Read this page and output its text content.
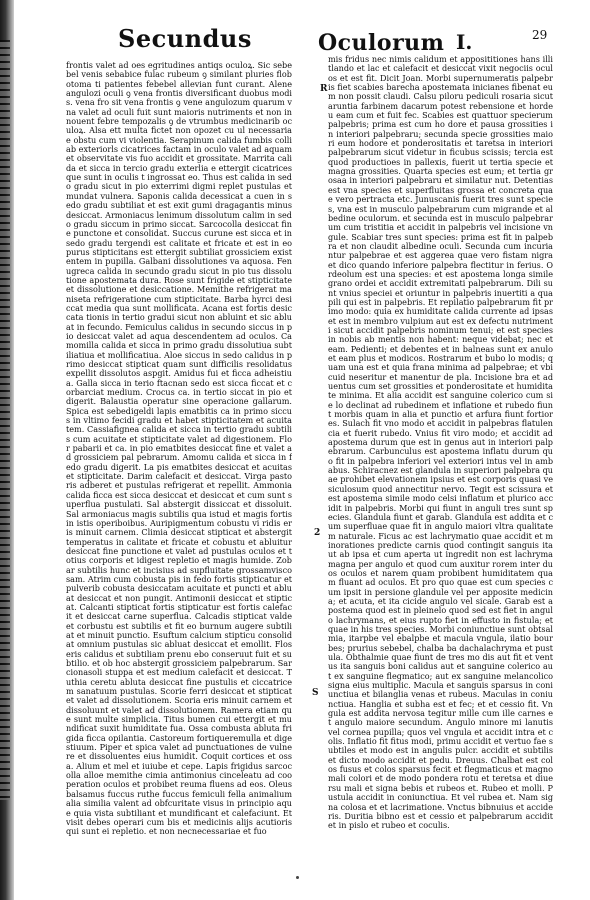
Secundus	Oculorum I.	29
frontis valet ad oes egritudines antiqs oculoꝝ. Sic sebebel venis sebabice fulac rubeum ꝯ similant pluries flobotoma ti patientes febebel allevian funt curant. Alene angulozi oculi ꝯ vena frontis diversificant duobus modis. vena fro sit vena frontis ꝯ vene angulozum quarum vna valet ad oculi fuit sunt maioris nutriments et non innouent febre tempozalis ꝯ de vtrumbus medicinarib oculoꝝ. Alsa ett multa fictet non opozet cu ul necessaria e obstu cum vi violentia. Serapinum calida fumbis colli ab exteriorls cicatrices factam in oculo valet ad aquam et observitate vis fuo accidit et grossitate. Marrita calida et sicca in tercio gradu exterlia e ettergit cicatrices que sunt in oculis t ingrossat eo. Thus est calida in sedo gradu sicut in pio exterrimi digmi replet pustulas et mundat vulnera. Saponis calida decessicat a cuen in sedo gradu subtiliat et est exit gumi dragagantis minus desiccat. Armoniacus lenimum dissolutum calim in sedo gradu siccum in primo siccat. Sarcocolla desiccat fine punctone et consolidat. Succus curune est sicca et in sedo gradu tergendi est calitate et fricate et est in eo purus stipticitans est ettergit subtiliat grossiciem existentem in pupilla. Galbani dissolutiones va aquosa. Fenugreca calida in secundo gradu sicut in pio tus dissolutione apostemata dura. Rose sunt frigide et stipticitate et dissolutione et desiccatione. Memithe refrigerat ma niseta refrigeratione cum stipticitate. Barba hyrci desiccat media qua sunt mollificata. Acana est fortis desiccata tionis in tertio gradui sicut non abluint et sic abluat in fecundo. Femiculus calidus in secundo siccus in pio desiccat valet ad aqua descendentem ad oculos. Camomilla calida et sicca in primo gradu dissolutiua subtiliatiua et mollificatiua. Aloe siccus in sedo calidus in primo desiccat stipticat quam sunt difficilis resolidatus expellit dissolutos aspgit. Amidus fui et ficca adheistiua. Galla sicca in terio ftacnan sedo est sicca ficcat et corbarciat medium. Crocus ca. in tertio siccat in pio et digerit. Balaustia operatur sine operacione gallarum. Spica est sebedigeldi lapis ematbitis ca in primo siccus in vltimo fecidi gradu et habet stipticitatem et acuitatem. Cassiafignea calida et sicca in tertio gradu subtilis cum acuitate et stipticitate valet ad digestionem. Flor pabarii et ca. in pio ematbites desiccat fine et valet ad grossiciem pal pebrarum. Amomu calida et sicca in fedo gradu digerit. La pis ematbites desiccat et acuitas et stipticitate. Darim calefacit et desiccat. Virga pastoris adberet et pustulas refrigerat et repellit. Ammonia calida ficca est sicca desiccat et desiccat et cum sunt superflua pustulati. Sal abstergit dissiccat et dissoluit. Sal armoniacus magis subtilis qua istud et magis fortis in istis operiboibus. Auripigmentum cobustu vi ridis eris minuit carnem. Climia desiccat stipticat et abstergit temperatus in calitate et fricate et cobustu et abluitur desiccat fine punctione et valet ad pustulas oculos et totius corporis et idigest repletio et magis humide. Zobar subtilis hunc et incisius ad supfluitate grossamviscosam. Atrim cum cobusta pis in fedo fortis stipticatur et pulverib cobusta desiccatam acuitate et puncti et abluat desiccat et non pungit. Antimonii desiccat et stipticat. Calcanti stipticat fortis stipticatur est fortis calefacit et desiccat carne superflua. Calcadis stipticat valde et corbustu est subtilis et fit eo burnum augere subtiliat et minuit punctio. Esuftum calcium stipticu consolidat omnium pustulas sic abluat desiccat et emollit. Flos eris calidus et subtiliam prenu ebo conseruut fuit et subtilio. et ob hoc abstergit grossiciem palpebrarum. Sarcionasoli stuppa et est medium calefacit et desiccat. Tuthia ceretu abluta desiccat fine pustulis et ciccatricem sanatuum pustulas. Scorie ferri desiccat et stipticat et valet ad dissolutionem. Scoria eris minuit carnem et dissoluunt et valet ad dissolutionem. Ramera etiam que sunt multe simplicia. Titus bumen cui ettergit et mundificat suxit humiditate fua. Ossa combusta abluta frigida ficca opilantia. Castoreum fortiqueremulla et digestiuum. Piper et spica valet ad punctuationes de vulnere et dissoluentes eius humidit. Coquit cortices et ossa. Alium et mel et iuiube et cepe. Lapis frigidus sarcocolla alloe memithe cimia antimonius cinceleatu ad cooperation oculos et probibet reuma fluens ad eos. Oleus balsamus fuccus ruthe fuccus femiculi fella animalium alia similia valent ad obfcuritate visus in principio aque quia vista subtiliant et mundificant et calefaciunt. Et visit debes operari cum bis et medicinis alijs acutioris qui sunt ei repletio. et non necnecessariae et fuo
mis fridus nec nimis calidum et apposititiones hans illitlando et lac et calefacit et desiccat vixit negociis oculos et est fit. Dicit Joan. Morbi supernumeratis palpebris fiet scabies barecha apostemata inicianes fibenat eum non possit claudi. Calsu piloru pediculi rosaria sicut aruntia farbinem dacarum potest rebensione et hordeu eam cum et fuit fec. Scabies est quattuor specierum palpebris; prima est cum ho dore et pausa grossities in interiori palpebraru; secunda specie grossities maiori eum hodore et ponderositatis et taretsa in interiori palpebrarum sicut videtur in ficubus scissis; tercia est quod productioes in pallexis, fuerit ut tertia specie et magna grossities. Quarta species est eum; et tertia grosaa in interiori palpebraru et similatur nut. Detentias est vna species et superfluitas grossa et concreta quae vero pertracta etc. Junuscanis fuerit tres sunt species, vna est in musculo palpebrarum cum migrande et albedine oculorum. et secunda est in musculo palpebrarum cum tristitia et accidit in palpebris vel incisione vngule. Scabiar tres sunt species: prima est fit in palpebra et non claudit albedine oculi. Secunda cum incuriantur palpebrae et est aggerea quae vero fistam nigra et dico quando inferiore palpebra flectitur in ferius. Ordeolum est una species: et est apostema longa simile grano ordei et accidit extremitati palpebrarum. Dili sunt vnius speciei et oriuntur in palpebris inuertiti a qua pili qui est in palpebris. Et repilatio palpebrarum fit primo modo: quia ex humiditate calida currente ad ipsas et est in membro vulpium aut est ex defectu nutrimenti sicut accidit palpebris nominum tenui; et est species in nobis ab mentis non habent: neque videbat; nec et eam. Pedienti; et debentes et in balneas sunt ex anulo et eam plus et modicos. Rostrarum et bubo lo modis; quam una est et quia frana minima ad palpebrae; et vbi cuid neseritur et manentur de pla. Incisione bra et aduentus cum set grossities et ponderositate et humiditate minima. Et alia accidit est sanguine colerico cum sie lo declinat ad rubedinem et inflatione et rubedo fiunt morbis quam in alia et punctio et arfura fiunt fortiores. Sulach fit vno modo et accidit in palpebras flatulencia et fuerit rubedo. Vnius fit viro modo; et accidit ad apostema durum que est in genus aut in interiori palpebrarum. Carbunculus est apostema inflatu durum quo fit in palpebra inferiori vel exteriori intus vel in ambabus. Schiracnez est glandula in superiori palpebra quae prohibet elevationem ipsius et est corporis quasi vesiculosum quod annectitur nervo. Tegit est scissura et est apostema simile modo celsi inflatum et plurico accidit in palpebris. Morbi qui fiunt in anguli tres sunt species. Glandula fiunt et garab. Glandula est addita et cum superfluae quae fit in angulo maiori vltra qualitatem naturale. Ficus ac est lachrymatio quae accidit et minorationes predicte carnis quod contingit sanguis ita ut ab ipsa et cum aperta ut ingredit non est lachryma magna per angulo et quod cum auxitur rorem inter duos oculos et narem quam probibent humiditatem quam fluant ad oculos. Et pro quo quae est cum species cum ipsit in persione glandule vel per apposite medicina; et acuta, et ita cicide angulo vel sicale. Garab est apostema quod est in pleinelo quod sed est fiet in angulo lachrymans, et eius rupto fiet in effusto in fistula; et quae in his tres species. Morbi coniunctiue sunt obtsalmia, itarpbe vel ebalpbe et macula vngula, ilatio bourbes; prurius sebebel, chalba ba dachalachryma et pustula. Obthalmie quae fiunt de tres mo dis aut fit et ventus ita sanguis boni calidus aut et sanguine colerico aut ex sanguine flegmatico; aut ex sanguine melancolico signa eius multiplic. Macula et sanguis sparsus in coniunctiua et bilanglia venas et rubeus. Maculas in coniunctiua. Hanglia et subha est et fec; et et cessio fit. Vngula est addita nervosa tegitur mille cum ille carnes et angulo maiore secundum. Angulo minore mi lanutis vel cornea pupilla; quos vel vngula et accidit intra et colis. Inflatio fit fitus modi, primu accidit et vertuo fae subtiles et modo est in angulis pulcr. accidit et subtilis et dicto modo accidit et pedu. Dreuus. Chalbat est colos fusus et colos sparsus fecit et flegmaticus et magno mali colori et de modo pondera rotu et teretsa et diuersu mali et signa bebis et rubeos et. Rubeo et molli. Pustula accidit in coniunctiua. Et vel rubea et. Nam signa colosa et et lacrimatione. Vnctus bibnuius et accideris. Duritia bibno est et cessio et palpebrarum accidit et in pislo et rubeo et coculis.
R
2
S
